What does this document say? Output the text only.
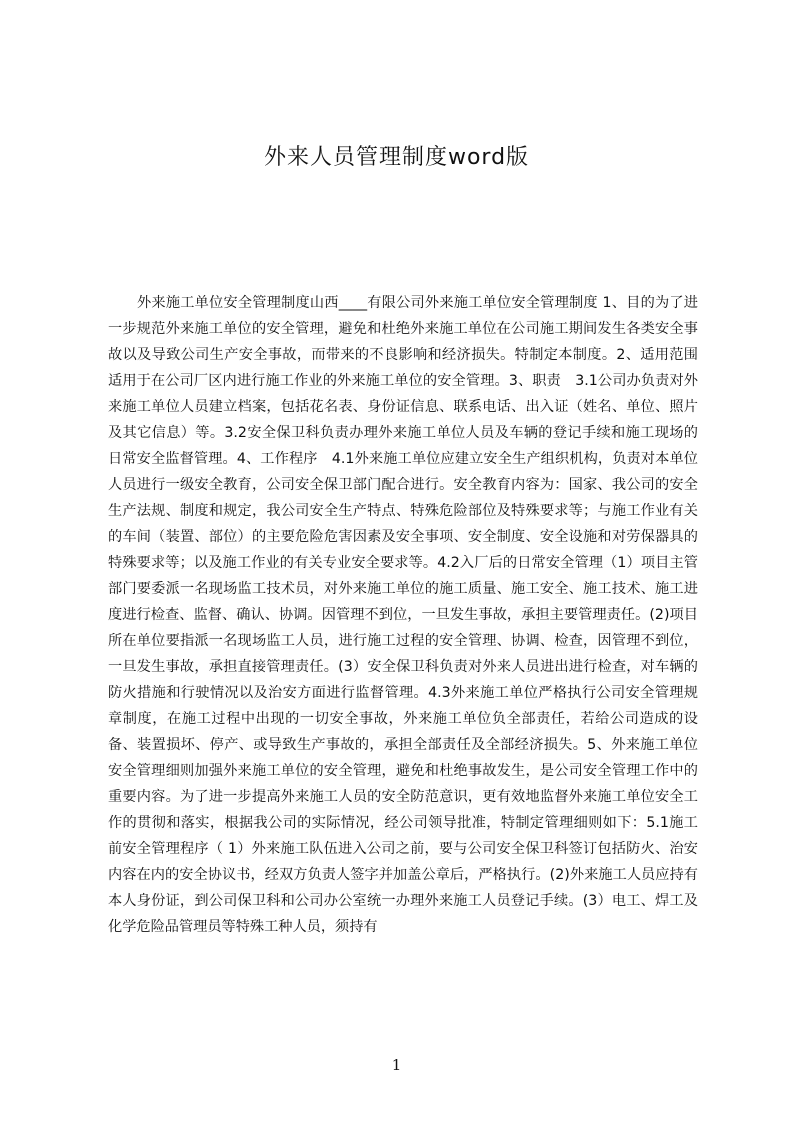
外来人员管理制度word版
外来施工单位安全管理制度山西____有限公司外来施工单位安全管理制度 1、目的为了进一步规范外来施工单位的安全管理，避免和杜绝外来施工单位在公司施工期间发生各类安全事故以及导致公司生产安全事故，而带来的不良影响和经济损失。特制定本制度。2、适用范围适用于在公司厂区内进行施工作业的外来施工单位的安全管理。3、职责　3.1公司办负责对外来施工单位人员建立档案，包括花名表、身份证信息、联系电话、出入证（姓名、单位、照片及其它信息）等。3.2安全保卫科负责办理外来施工单位人员及车辆的登记手续和施工现场的日常安全监督管理。4、工作程序　4.1外来施工单位应建立安全生产组织机构，负责对本单位人员进行一级安全教育，公司安全保卫部门配合进行。安全教育内容为：国家、我公司的安全生产法规、制度和规定，我公司安全生产特点、特殊危险部位及特殊要求等；与施工作业有关的车间（装置、部位）的主要危险危害因素及安全事项、安全制度、安全设施和对劳保器具的特殊要求等；以及施工作业的有关专业安全要求等。4.2入厂后的日常安全管理（1）项目主管部门要委派一名现场监工技术员，对外来施工单位的施工质量、施工安全、施工技术、施工进度进行检查、监督、确认、协调。因管理不到位，一旦发生事故，承担主要管理责任。(2)项目所在单位要指派一名现场监工人员，进行施工过程的安全管理、协调、检查，因管理不到位，一旦发生事故，承担直接管理责任。(3）安全保卫科负责对外来人员进出进行检查，对车辆的防火措施和行驶情况以及治安方面进行监督管理。4.3外来施工单位严格执行公司安全管理规章制度，在施工过程中出现的一切安全事故，外来施工单位负全部责任，若给公司造成的设备、装置损坏、停产、或导致生产事故的，承担全部责任及全部经济损失。5、外来施工单位安全管理细则加强外来施工单位的安全管理，避免和杜绝事故发生，是公司安全管理工作中的重要内容。为了进一步提高外来施工人员的安全防范意识，更有效地监督外来施工单位安全工作的贯彻和落实，根据我公司的实际情况，经公司领导批准，特制定管理细则如下：5.1施工前安全管理程序（ 1）外来施工队伍进入公司之前，要与公司安全保卫科签订包括防火、治安内容在内的安全协议书，经双方负责人签字并加盖公章后，严格执行。(2)外来施工人员应持有本人身份证，到公司保卫科和公司办公室统一办理外来施工人员登记手续。(3）电工、焊工及化学危险品管理员等特殊工种人员，须持有
1
